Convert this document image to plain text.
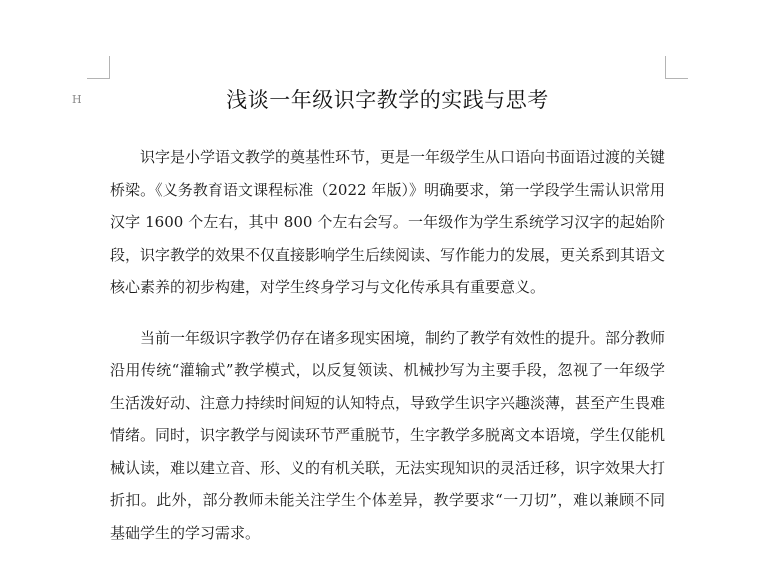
H	浅谈一年级识字教学的实践与思考

识字是小学语文教学的奠基性环节，更是一年级学生从口语向书面语过渡的关键桥梁。《义务教育语文课程标准（2022 年版）》明确要求，第一学段学生需认识常用汉字 1600 个左右，其中 800 个左右会写。一年级作为学生系统学习汉字的起始阶段，识字教学的效果不仅直接影响学生后续阅读、写作能力的发展，更关系到其语文核心素养的初步构建，对学生终身学习与文化传承具有重要意义。

当前一年级识字教学仍存在诸多现实困境，制约了教学有效性的提升。部分教师沿用传统“灌输式”教学模式，以反复领读、机械抄写为主要手段，忽视了一年级学生活泼好动、注意力持续时间短的认知特点，导致学生识字兴趣淡薄，甚至产生畏难情绪。同时，识字教学与阅读环节严重脱节，生字教学多脱离文本语境，学生仅能机械认读，难以建立音、形、义的有机关联，无法实现知识的灵活迁移，识字效果大打折扣。此外，部分教师未能关注学生个体差异，教学要求“一刀切”，难以兼顾不同基础学生的学习需求。
